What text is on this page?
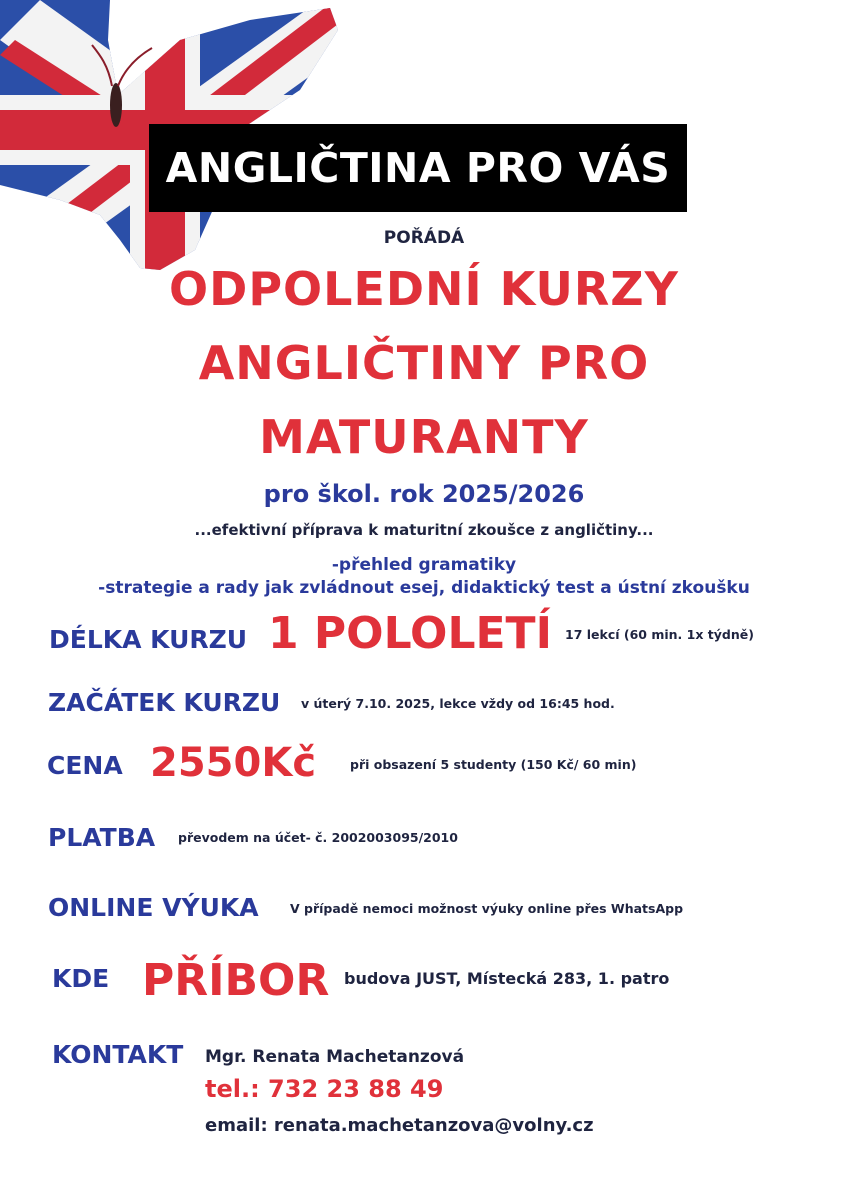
ANGLIČTINA PRO VÁS
POŘÁDÁ
ODPOLEDNÍ KURZY
ANGLIČTINY PRO
MATURANTY
pro škol. rok 2025/2026
...efektivní příprava k maturitní zkoušce z angličtiny...
-přehled gramatiky
-strategie a rady jak zvládnout esej, didaktický test a ústní zkoušku
DÉLKA KURZU 1 POLOLETÍ 17 lekcí (60 min. 1x týdně)
ZAČÁTEK KURZU v úterý 7.10. 2025, lekce vždy od 16:45 hod.
CENA 2550Kč	při obsazení 5 studenty (150 Kč/ 60 min)
PLATBA převodem na účet- č. 2002003095/2010
ONLINE VÝUKA	V případě nemoci možnost výuky online přes WhatsApp
KDE PŘÍBOR budova JUST, Místecká 283, 1. patro
KONTAKT Mgr. Renata Machetanzová
tel.: 732 23 88 49
email: renata.machetanzova@volny.cz
